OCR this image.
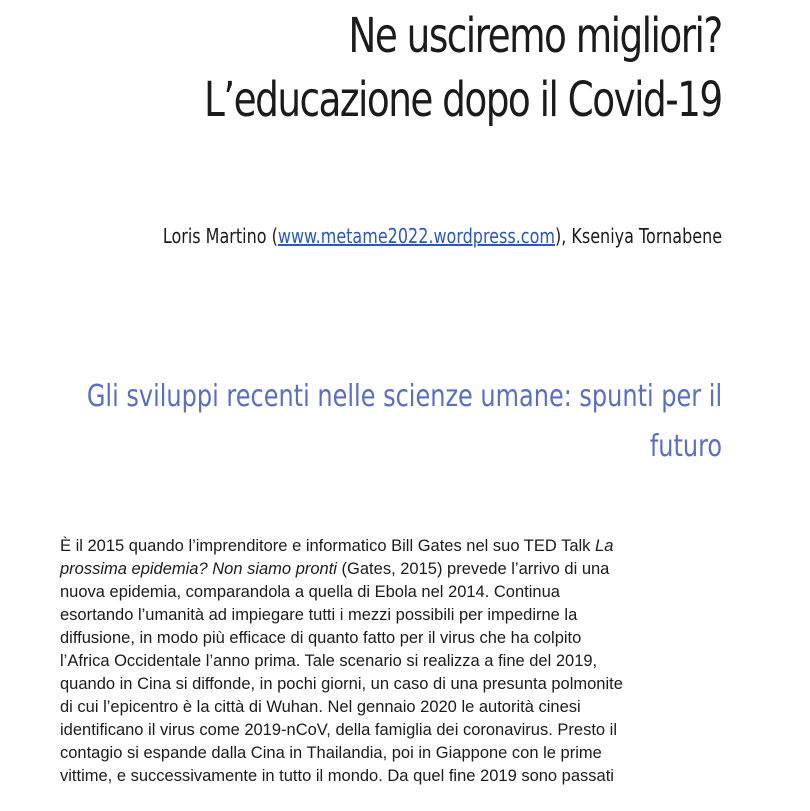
Ne usciremo migliori?
L’educazione dopo il Covid-19
Loris Martino (www.metame2022.wordpress.com), Kseniya Tornabene
Gli sviluppi recenti nelle scienze umane: spunti per il
futuro
È il 2015 quando l’imprenditore e informatico Bill Gates nel suo TED Talk La
prossima epidemia? Non siamo pronti (Gates, 2015) prevede l’arrivo di una
nuova epidemia, comparandola a quella di Ebola nel 2014. Continua
esortando l’umanità ad impiegare tutti i mezzi possibili per impedirne la
diffusione, in modo più efficace di quanto fatto per il virus che ha colpito
l’Africa Occidentale l’anno prima. Tale scenario si realizza a fine del 2019,
quando in Cina si diffonde, in pochi giorni, un caso di una presunta polmonite
di cui l’epicentro è la città di Wuhan. Nel gennaio 2020 le autorità cinesi
identificano il virus come 2019-nCoV, della famiglia dei coronavirus. Presto il
contagio si espande dalla Cina in Thailandia, poi in Giappone con le prime
vittime, e successivamente in tutto il mondo. Da quel fine 2019 sono passati
